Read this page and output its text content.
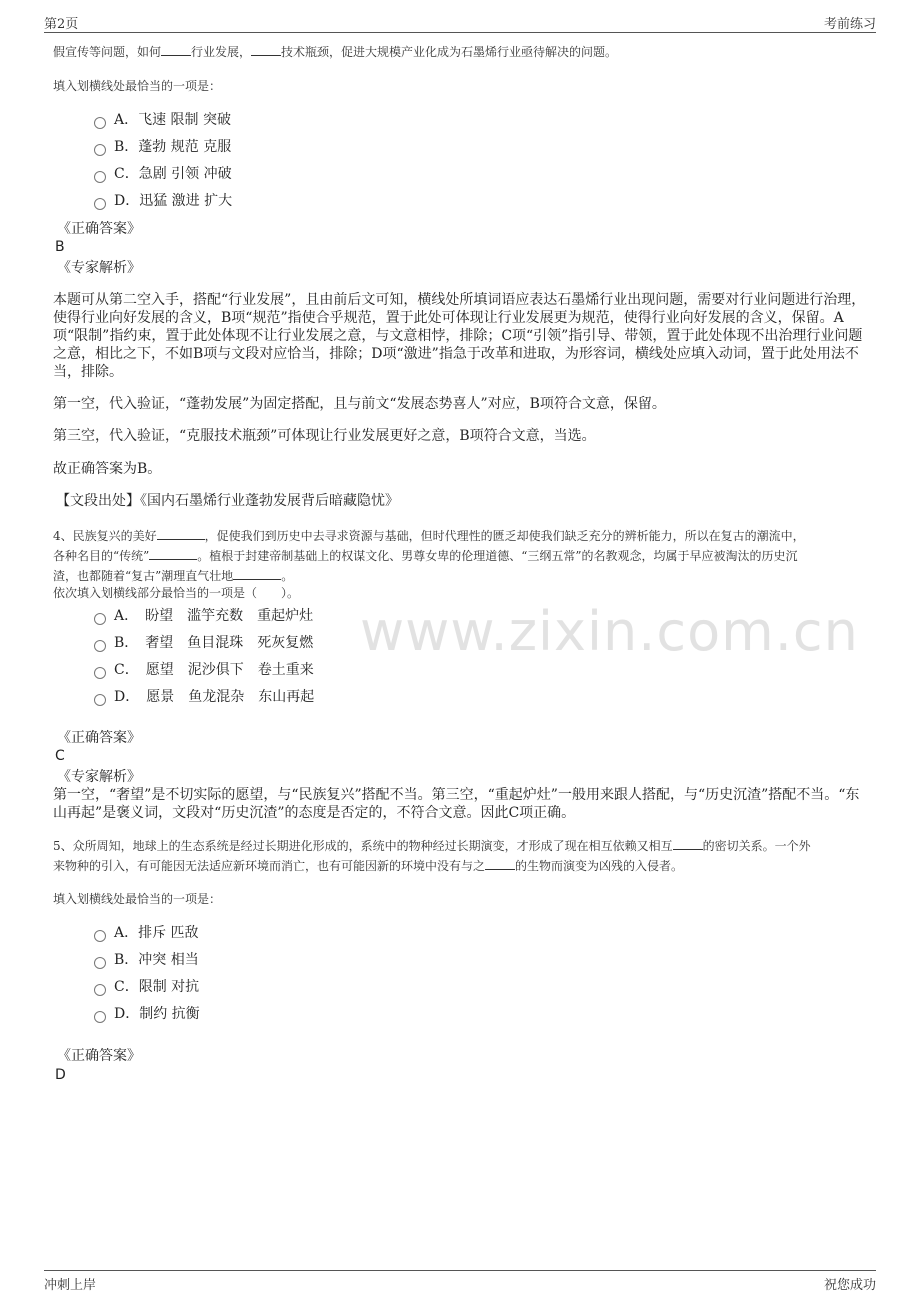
第2页	考前练习
www.zixin.com.cn

假宣传等问题，如何	行业发展，	技术瓶颈，促进大规模产业化成为石墨烯行业亟待解决的问题。

填入划横线处最恰当的一项是：

A．飞速 限制 突破
B．蓬勃 规范 克服
C．急剧 引领 冲破
D．迅猛 激进 扩大

《正确答案》

B

《专家解析》

本题可从第二空入手，搭配“行业发展”，且由前后文可知，横线处所填词语应表达石墨烯行业出现问题，需要对行业问题进行治理，使得行业向好发展的含义，B项“规范”指使合乎规范，置于此处可体现让行业发展更为规范，使得行业向好发展的含义，保留。A项“限制”指约束，置于此处体现不让行业发展之意，与文意相悖，排除；C项“引领”指引导、带领，置于此处体现不出治理行业问题之意，相比之下，不如B项与文段对应恰当，排除；D项“激进”指急于改革和进取，为形容词，横线处应填入动词，置于此处用法不当，排除。

第一空，代入验证，“蓬勃发展”为固定搭配，且与前文“发展态势喜人”对应，B项符合文意，保留。

第三空，代入验证，“克服技术瓶颈”可体现让行业发展更好之意，B项符合文意，当选。

故正确答案为B。

【文段出处】《国内石墨烯行业蓬勃发展背后暗藏隐忧》

4、民族复兴的美好	，促使我们到历史中去寻求资源与基础，但时代理性的匮乏却使我们缺乏充分的辨析能力，所以在复古的潮流中，
各种名目的“传统”	。植根于封建帝制基础上的权谋文化、男尊女卑的伦理道德、“三纲五常”的名教观念，均属于早应被淘汰的历史沉
渣，也都随着“复古”潮理直气壮地	。

依次填入划横线部分最恰当的一项是（　　）。

A．　盼望　滥竽充数　重起炉灶
B．　奢望　鱼目混珠　死灰复燃
C．　愿望　泥沙俱下　卷土重来
D．　愿景　鱼龙混杂　东山再起

《正确答案》

C

《专家解析》

第一空，“奢望”是不切实际的愿望，与“民族复兴”搭配不当。第三空，“重起炉灶”一般用来跟人搭配，与“历史沉渣”搭配不当。“东山再起”是褒义词，文段对“历史沉渣”的态度是否定的，不符合文意。因此C项正确。

5、众所周知，地球上的生态系统是经过长期进化形成的，系统中的物种经过长期演变，才形成了现在相互依赖又相互	的密切关系。一个外
来物种的引入，有可能因无法适应新环境而消亡，也有可能因新的环境中没有与之	的生物而演变为凶残的入侵者。

填入划横线处最恰当的一项是：

A．排斥 匹敌
B．冲突 相当
C．限制 对抗
D．制约 抗衡

《正确答案》

D

冲刺上岸	祝您成功
